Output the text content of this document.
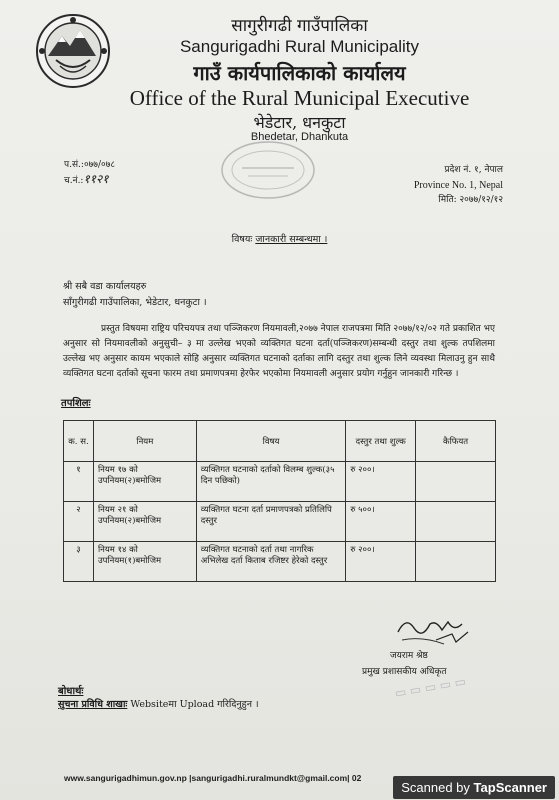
सागुरीगढी गाउँपालिका
Sangurigadhi Rural Municipality
गाउँ कार्यपालिकाको कार्यालय
Office of the Rural Municipal Executive
भेडेटार, धनकुटा
Bhedetar, Dhankuta
प.सं.:०७७/०७८
च.नं.:११२१
प्रदेश नं. १, नेपाल
Province No. 1, Nepal
मिति: २०७७/१२/१२
विषयः जानकारी सम्बन्धमा ।
श्री सबै वडा कार्यालयहरु
साँगुरीगढी गाउँपालिका, भेडेटार, धनकुटा ।
प्रस्तुत विषयमा राष्ट्रिय परिचयपत्र तथा पञ्जिकरण नियमावली,२०७७ नेपाल राजपत्रमा मिति २०७७/१२/०२ गते प्रकाशित भए अनुसार सो नियमावलीको अनुसुची– ३ मा उल्लेख भएको व्यक्तिगत घटना दर्ता(पञ्जिकरण)सम्बन्धी दस्तुर तथा शुल्क तपशिलमा उल्लेख भए अनुसार कायम भएकाले सोहि अनुसार व्यक्तिगत घटनाको दर्ताका लागि दस्तुर तथा शुल्क लिने व्यवस्था मिलाउनु हुन साथै व्यक्तिगत घटना दर्ताको सूचना फारम तथा प्रमाणपत्रमा हेरफेर भएकोमा नियमावली अनुसार प्रयोग गर्नुहुन जानकारी गरिन्छ ।
तपशिलः
क. स.	नियम	विषय	दस्तुर तथा शुल्क	कैफियत
१	नियम १७ को उपनियम(२)बमोजिम	व्यक्तिगत घटनाको दर्ताको विलम्ब शुल्क(३५ दिन पछिको)	रु २००।	
२	नियम २१ को उपनियम(२)बमोजिम	व्यक्तिगत घटना दर्ता प्रमाणपत्रको प्रतिलिपि दस्तुर	रु ५००।	
३	नियम १४ को उपनियम(१)बमोजिम	व्यक्तिगत घटनाको दर्ता तथा नागरिक अभिलेख दर्ता किताब रजिष्टर हेरेको दस्तुर	रु २००।	
जयराम श्रेष्ठ
प्रमुख प्रशासकीय अधिकृत
▭ ▭ ▭ ▭ ▭
बोधार्थः
सुचना प्रविधि शाखाः Websiteमा Upload गरिदिनुहुन ।
www.sangurigadhimun.gov.np |sangurigadhi.ruralmundkt@gmail.com| 02
Scanned by TapScanner
